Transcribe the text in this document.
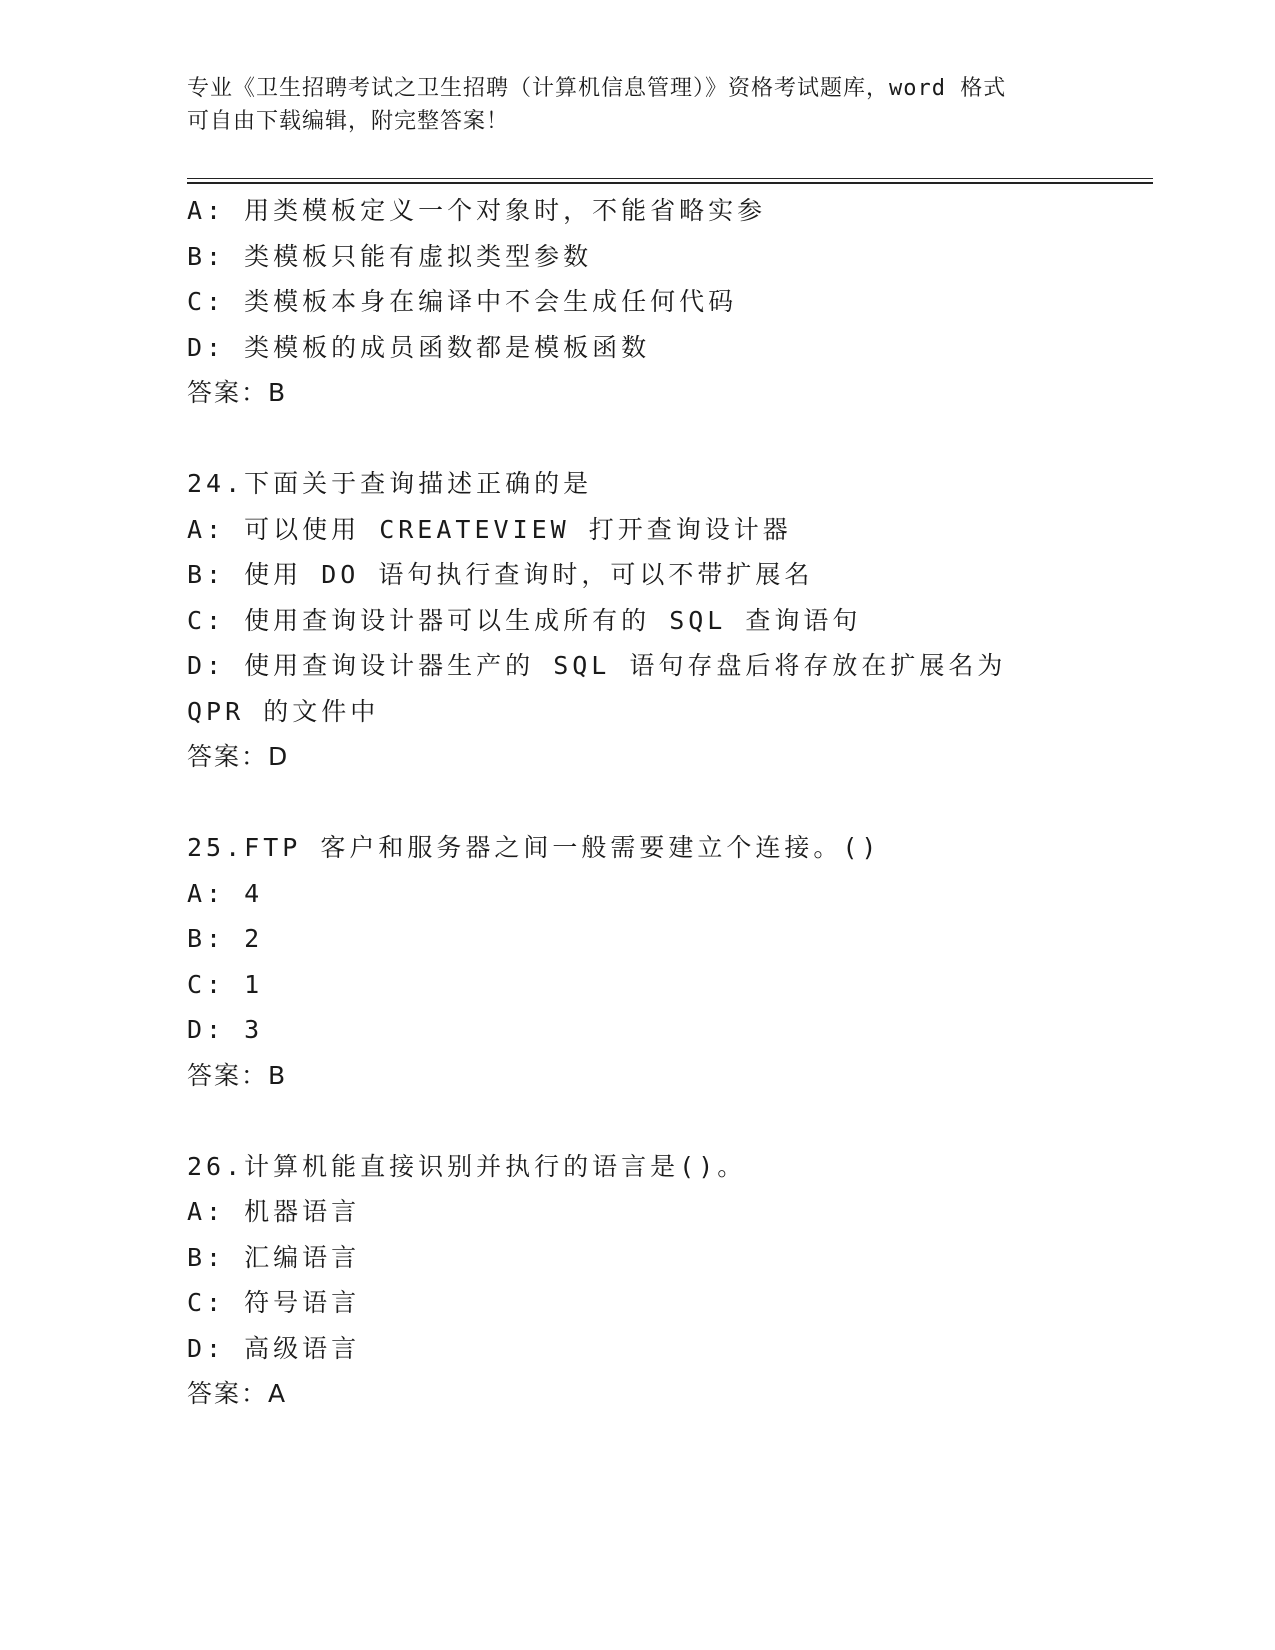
专业《卫生招聘考试之卫生招聘（计算机信息管理）》资格考试题库，word 格式
可自由下载编辑，附完整答案！
A: 用类模板定义一个对象时，不能省略实参
B: 类模板只能有虚拟类型参数
C: 类模板本身在编译中不会生成任何代码
D: 类模板的成员函数都是模板函数
答案：B
24.下面关于查询描述正确的是
A: 可以使用 CREATEVIEW 打开查询设计器
B: 使用 DO 语句执行查询时，可以不带扩展名
C: 使用查询设计器可以生成所有的 SQL 查询语句
D: 使用查询设计器生产的 SQL 语句存盘后将存放在扩展名为 QPR 的文件中
答案：D
25.FTP 客户和服务器之间一般需要建立个连接。()
A: 4
B: 2
C: 1
D: 3
答案：B
26.计算机能直接识别并执行的语言是()。
A: 机器语言
B: 汇编语言
C: 符号语言
D: 高级语言
答案：A
